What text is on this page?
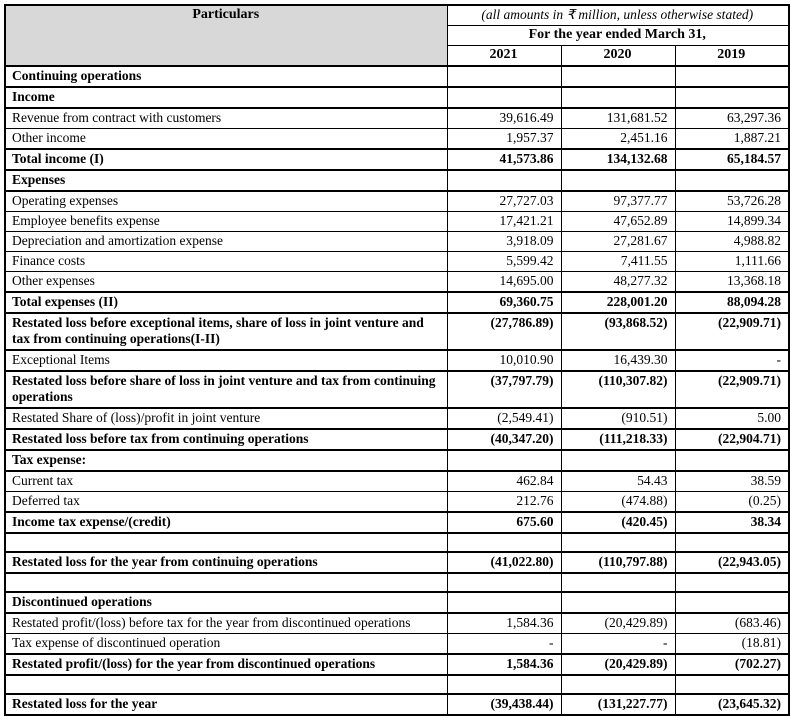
Particulars	(all amounts in ₹ million, unless otherwise stated)		
	For the year ended March 31,		
	2021	2020	2019
Continuing operations			
Income			
Revenue from contract with customers	39,616.49	131,681.52	63,297.36
Other income	1,957.37	2,451.16	1,887.21
Total income (I)	41,573.86	134,132.68	65,184.57
Expenses			
Operating expenses	27,727.03	97,377.77	53,726.28
Employee benefits expense	17,421.21	47,652.89	14,899.34
Depreciation and amortization expense	3,918.09	27,281.67	4,988.82
Finance costs	5,599.42	7,411.55	1,111.66
Other expenses	14,695.00	48,277.32	13,368.18
Total expenses (II)	69,360.75	228,001.20	88,094.28
Restated loss before exceptional items, share of loss in joint venture and tax from continuing operations(I-II)	(27,786.89)	(93,868.52)	(22,909.71)
Exceptional Items	10,010.90	16,439.30	-
Restated loss before share of loss in joint venture and tax from continuing operations	(37,797.79)	(110,307.82)	(22,909.71)
Restated Share of (loss)/profit in joint venture	(2,549.41)	(910.51)	5.00
Restated loss before tax from continuing operations	(40,347.20)	(111,218.33)	(22,904.71)
Tax expense:			
Current tax	462.84	54.43	38.59
Deferred tax	212.76	(474.88)	(0.25)
Income tax expense/(credit)	675.60	(420.45)	38.34

Restated loss for the year from continuing operations	(41,022.80)	(110,797.88)	(22,943.05)

Discontinued operations			
Restated profit/(loss) before tax for the year from discontinued operations	1,584.36	(20,429.89)	(683.46)
Tax expense of discontinued operation	-	-	(18.81)
Restated profit/(loss) for the year from discontinued operations	1,584.36	(20,429.89)	(702.27)

Restated loss for the year	(39,438.44)	(131,227.77)	(23,645.32)
